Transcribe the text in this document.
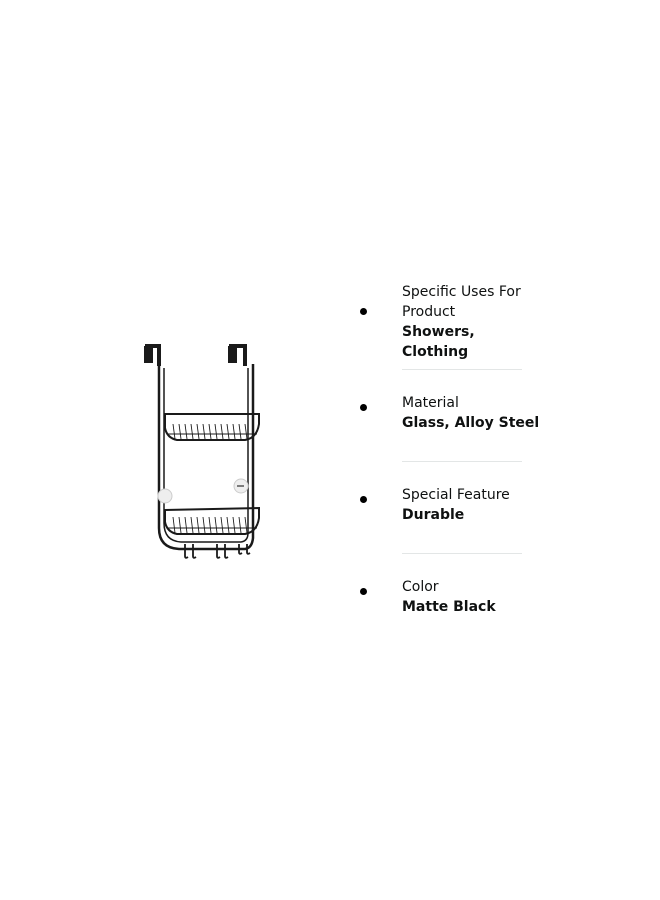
Specific Uses For Product
Showers, Clothing
Material
Glass, Alloy Steel
Special Feature
Durable
Color
Matte Black
